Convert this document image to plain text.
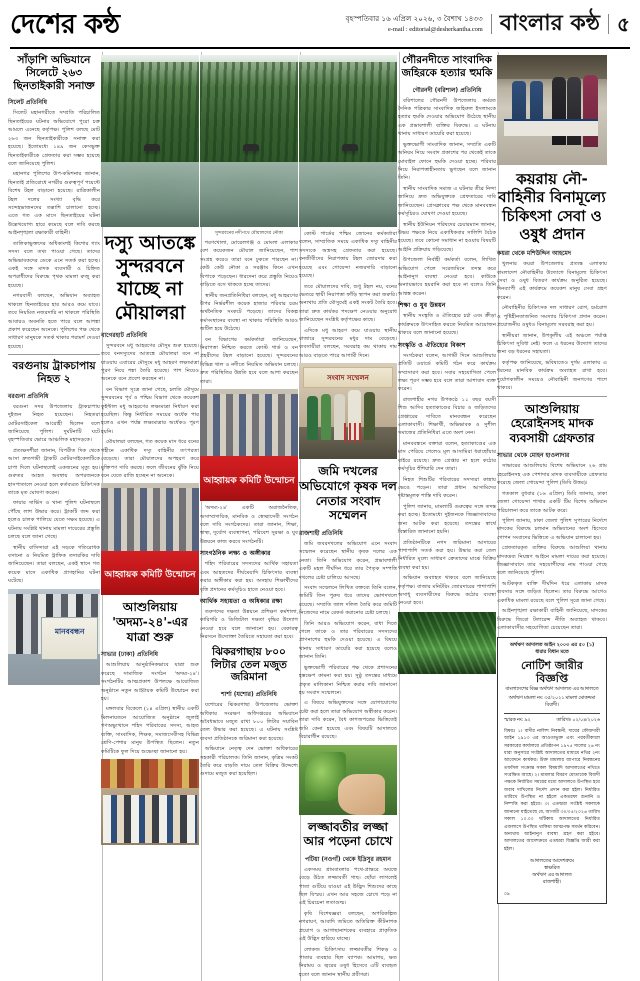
দেশের কন্ঠ	বৃহস্পতিবার ১৬ এপ্রিল ২০২৬, ৩ বৈশাখ ১৪৩৩
e-mail : editorial@desherkantha.com বাংলার কন্ঠ ৫
সাঁড়াশি অভিযানে সিলেটে ২৬৩ ছিনতাইকারী সনাক্ত
সিলেট প্রতিনিধি

সিলেট মহানগরীতে সম্প্রতি পরিচালিত ছিনতাইয়ের ঘটনার অভিযোগে পুরো চক্র আমলে এনেছে কর্তৃপক্ষ। পুলিশ বলছে মোট ২৬৩ জন ছিনতাইকারীকে সনাক্ত করা হয়েছে। ইতোমধ্যে ১৪৯ জন কেসভুক্ত ছিনতাইকারীকে গ্রেফতার করা সম্ভব হয়েছে বলে জানিয়েছে পুলিশ।

মহানগর পুলিশের উপ-কমিশনার জানান, ছিনতাই প্রতিরোধে নগরীর গুরুত্বপূর্ণ পয়েন্টে বিশেষ টহল বাড়ানো হয়েছে। রাত্রিকালীন টহল দলের সংখ্যা বৃদ্ধি করে সন্দেহভাজনদের তল্লাশি চালানো হচ্ছে। এতে গত এক মাসে ছিনতাইয়ের ঘটনা উল্লেখযোগ্য হারে কমেছে বলে দাবি করছে আইনশৃঙ্খলা রক্ষাকারী বাহিনী।

তালিকাভুক্তদের অধিকাংশই কিশোর গ্যাং সদস্য বলে তথ্য পাওয়া গেছে। তাদের অভিভাবকদের ডেকে এনে সতর্ক করা হচ্ছে। একই সঙ্গে মাদক ব্যবসায়ী ও চিহ্নিত অপরাধীদের বিরুদ্ধে পৃথক মামলা রুজু করা হয়েছে।

নগরবাসী বলছেন, অভিযান অব্যাহত থাকলে ছিনতাইয়ের হার আরও কমে যাবে। তবে নিয়মিত নজরদারি না থাকলে পরিস্থিতি আবারও অবনতি হতে পারে বলে আশঙ্কা প্রকাশ করেছেন অনেকে। পুলিশের পক্ষ থেকে সাধারণ মানুষকে সতর্ক থাকার পরামর্শ দেওয়া হয়েছে।

বরগুনায় ট্রাকচাপায় নিহত ২
বরগুনা প্রতিনিধি

বরগুনা সদর উপজেলায় ট্রাকচাপায় দুইজন নিহত হয়েছেন। নিহতরা মোটরসাইকেল আরোহী ছিলেন বলে জানিয়েছে পুলিশ। দুর্ঘটনাটি ঘটে বৃহস্পতিবার ভোরে আঞ্চলিক মহাসড়কে।

প্রত্যক্ষদর্শীরা জানান, বিপরীত দিক থেকে আসা দ্রুতগামী ট্রাকটি মোটরসাইকেলটিকে চাপা দিলে ঘটনাস্থলেই একজনের মৃত্যু হয়। গুরুতর আহত অবস্থায় অপরজনকে হাসপাতালে নেওয়া হলে কর্তব্যরত চিকিৎসক তাকে মৃত ঘোষণা করেন।

ফায়ার সার্ভিস ও থানা পুলিশ ঘটনাস্থলে পৌঁছে লাশ উদ্ধার করে। ট্রাকটি জব্দ করা হলেও চালক পালিয়ে যেতে সক্ষম হয়েছে। এ ঘটনায় সংশ্লিষ্ট থানায় মামলা দায়েরের প্রস্তুতি চলছে বলে জানা গেছে।

স্থানীয় বাসিন্দারা এই সড়কে গতিরোধক বসানো ও নিয়মিত ট্রাফিক তদারকির দাবি জানিয়েছেন। তারা বলছেন, একই স্থানে গত কয়েক মাসে একাধিক প্রাণহানির ঘটনা ঘটেছে।

মানববন্ধন
দস্যু আতঙ্কে সুন্দরবনে যাচ্ছে না মৌয়ালরা
বাগেরহাট প্রতিনিধি

সুন্দরবনে মধু আহরণের মৌসুম শুরু হয়েছে। তবে বনদস্যুদের আতঙ্কে মৌয়ালরা বনে না যাওয়ায় এবারের মৌসুমে মধু আহরণ লক্ষ্যমাত্রা পূরণ নিয়ে শঙ্কা তৈরি হয়েছে। পাশ নিয়েও অনেকে বনে প্রবেশ করছেন না।

বন বিভাগ সূত্রে জানা গেছে, চলতি মৌসুমে সুন্দরবনের পূর্ব ও পশ্চিম বিভাগ থেকে কয়েকশ কুইন্টাল মধু আহরণের লক্ষ্যমাত্রা নির্ধারণ করা হয়েছিল। কিন্তু নির্ধারিত সময়ের অর্ধেক পার হলেও এখন পর্যন্ত লক্ষ্যমাত্রার অর্ধেকও পূরণ হয়নি।

মৌয়ালরা বলছেন, গত কয়েক মাস ধরে বনের গহীনে একাধিক দস্যু বাহিনীর তৎপরতা বেড়েছে। তারা মৌয়ালদের অপহরণ করে মুক্তিপণ দাবি করছে। ফলে জীবনের ঝুঁকি নিয়ে বনে যেতে রাজি হচ্ছেন না অনেকে।

আহ্বায়ক কমিটি উন্মোচন
আশুলিয়ায় 'অদম্য-২৪'-এর যাত্রা শুরু
সাভার (ঢাকা) প্রতিনিধি

আশুলিয়ায় আনুষ্ঠানিকভাবে যাত্রা শুরু করেছে সামাজিক সংগঠন 'অদম্য-২৪'। সংগঠনটির আত্মপ্রকাশ উপলক্ষে আয়োজিত অনুষ্ঠানে নতুন আহ্বায়ক কমিটি উন্মোচন করা হয়।

মঙ্গলবার বিকেলে (১৪ এপ্রিল) স্থানীয় একটি মিলনায়তনে আয়োজিত অনুষ্ঠানে জুলাই গণঅভ্যুত্থানে শহিদ পরিবারের সদস্য, আহত ব্যক্তি, সাংবাদিক, শিক্ষক, সমাজসেবীসহ বিভিন্ন শ্রেণি-পেশার মানুষ উপস্থিত ছিলেন। নতুন কমিটিকে ফুল দিয়ে শুভেচ্ছা জানানো হয়।

সুন্দরবনের নদীপথে মৌয়ালদের নৌকা

শরণখোলা, মোরেলগঞ্জ ও মোংলা এলাকার বেশ কয়েকজন মৌয়াল জানিয়েছেন, পাশ সংগ্রহ করেও তারা বনে ঢুকতে পারছেন না। কেউ কেউ নৌকা ও সরঞ্জাম কিনে এখন বিপাকে পড়েছেন। ধারদেনা করে প্রস্তুতি নিয়েও বাড়িতে বসে থাকতে হচ্ছে তাদের।

স্থানীয় জনপ্রতিনিধিরা বলছেন, মধু আহরণের উপর নির্ভরশীল কয়েক হাজার পরিবার চরম অর্থনৈতিক সংকটে পড়েছে। তাদের বিকল্প কর্মসংস্থানের ব্যবস্থা না থাকায় পরিস্থিতি আরও জটিল হয়ে উঠেছে।

বন বিভাগের কর্মকর্তারা জানিয়েছেন, নিরাপত্তা নিশ্চিত করতে কোস্ট গার্ড ও বন প্রহরীদের টহল বাড়ানো হয়েছে। সুন্দরবনের বিভিন্ন খাল ও নদীতে নিয়মিত অভিযান চলছে। দ্রুত পরিস্থিতির উন্নতি হবে বলে আশা করছেন তারা।

আহ্বায়ক কমিটি উন্মোচন

'অদম্য-২৪' একটি অরাজনৈতিক, অসাম্প্রদায়িক, মানবিক ও স্বেচ্ছাসেবী সংগঠন বলে দাবি সংগঠকদের। তারা জানান, শিক্ষা, স্বাস্থ্য, দুর্যোগ ব্যবস্থাপনা, পরিবেশ সুরক্ষা ও যুব উন্নয়নে কাজ করবে সংগঠনটি।

সাংগঠনিক লক্ষ্য ও অঙ্গীকার

শহিদ পরিবারের সদস্যদের আর্থিক সহায়তা এবং আহতদের দীর্ঘমেয়াদি চিকিৎসার ব্যবস্থা করার অঙ্গীকার করা হয়। অসহায় শিক্ষার্থীদের বৃত্তি প্রদানের কর্মসূচিও হাতে নেওয়া হবে।

আর্থিক সহায়তা ও অধিকার রক্ষা

তরুণদের দক্ষতা উন্নয়নে প্রশিক্ষণ কর্মশালা, কারিগরি ও ডিজিটাল দক্ষতা বৃদ্ধির উদ্যোগ নেওয়া হবে বলে জানানো হয়। বেকারত্ব নিরসনে উদ্যোক্তা তৈরিতে সহায়তা করা হবে।

ঝিকরগাছায় ৮০০ লিটার তেল মজুত জরিমানা
শার্শা (যশোর) প্রতিনিধি

যশোরের ঝিকরগাছা উপজেলায় ভোক্তা অধিকার সংরক্ষণ অধিদপ্তরের অভিযানে অবৈধভাবে মজুত রাখা ৮০০ লিটার সয়াবিন তেল উদ্ধার করা হয়েছে। এ ঘটনায় সংশ্লিষ্ট ব্যবসা প্রতিষ্ঠানকে জরিমানা করা হয়েছে।

অভিযানে নেতৃত্ব দেন ভোক্তা অধিকারের সহকারী পরিচালক। তিনি জানান, কৃত্রিম সংকট তৈরি করে বাড়তি দামে তেল বিক্রির উদ্দেশ্যে গুদামে মজুত করা হয়েছিল।

কোস্ট গার্ডের পশ্চিম জোনের কর্মকর্তারা বলেন, সাম্প্রতিক সময়ে একাধিক দস্যু বাহিনীর সদস্যকে অস্ত্রসহ গ্রেফতার করা হয়েছে। বনজীবীদের নিরাপত্তায় টহল জোরদার করা হয়েছে এবং গোয়েন্দা নজরদারি বাড়ানো হয়েছে।

তবে মৌয়ালদের দাবি, শুধু টহল নয়, বনের ভেতরে স্থায়ী নিরাপত্তা ফাঁড়ি স্থাপন করা জরুরি। অন্যথায় প্রতি মৌসুমেই একই সংকট তৈরি হবে। তারা দ্রুত কার্যকর পদক্ষেপ নেওয়ার অনুরোধ জানিয়েছেন সংশ্লিষ্ট কর্তৃপক্ষের কাছে।

এদিকে মধু আহরণ কমে যাওয়ায় স্থানীয় বাজারে সুন্দরবনের মধুর দাম বেড়েছে। ব্যবসায়ীরা বলছেন, সরবরাহ কম থাকায় দাম আরও বাড়তে পারে আগামী দিনে।

সংবাদ সম্মেলন
জমি দখলের অভিযোগে কৃষক দল নেতার সংবাদ সম্মেলন
রাজশাহী প্রতিনিধি

জমি জবরদখলের অভিযোগ এনে সংবাদ সম্মেলন করেছেন স্থানীয় কৃষক দলের এক নেতা। তিনি অভিযোগ করেন, প্রভাবশালী একটি মহল দীর্ঘদিন ধরে তার পৈতৃক সম্পত্তি দখলের চেষ্টা চালিয়ে আসছে।

সংবাদ সম্মেলনে লিখিত বক্তব্যে তিনি বলেন, জমিটি তিন পুরুষ ধরে তাদের ভোগদখলে রয়েছে। সম্প্রতি জাল দলিল তৈরি করে জমিটি নিজেদের নামে রেকর্ড করানোর চেষ্টা চলছে।

তিনি আরও অভিযোগ করেন, বাধা দিতে গেলে তাকে ও তার পরিবারের সদস্যদের প্রাণনাশের হুমকি দেওয়া হয়েছে। এ বিষয়ে থানায় সাধারণ ডায়েরি করা হয়েছে বলেও জানান তিনি।

ভুক্তভোগী পরিবারের পক্ষ থেকে প্রশাসনের হস্তক্ষেপ কামনা করা হয়। সুষ্ঠু তদন্তের মাধ্যমে প্রকৃত মালিকানা নিশ্চিত করার দাবি জানানো হয় সংবাদ সম্মেলনে।

এ বিষয়ে অভিযুক্তদের সঙ্গে যোগাযোগের চেষ্টা করা হলে তারা অভিযোগ অস্বীকার করেন। তারা দাবি করেন, বৈধ কাগজপত্রের ভিত্তিতেই জমি কেনা হয়েছে এবং বিষয়টি আদালতে বিচারাধীন রয়েছে।

লজ্জাবতীর লজ্জা আর পড়েনা চোখে
পটিয়া (নওগাঁ) থেকে ইদ্রিসুর রহমান

একসময় গ্রামবাংলার পথে-প্রান্তরে অযত্নে বেড়ে উঠত লজ্জাবতী গাছ। ছোঁয়া লাগলেই পাতা গুটিয়ে যাওয়া এই উদ্ভিদ শিশুদের কাছে ছিল বিস্ময়। এখন আর সহজে চোখে পড়ে না এই চিরচেনা লতাগুল্ম।

কৃষি বিশেষজ্ঞরা বলছেন, অপরিকল্পিত নগরায়ণ, আবাদি জমিতে অতিরিক্ত কীটনাশক প্রয়োগ ও আগাছানাশকের ব্যবহারে প্রাকৃতিক এই উদ্ভিদ হারিয়ে যাচ্ছে।

লোকজ চিকিৎসায় লজ্জাবতীর শিকড় ও পাতার ব্যবহার ছিল ব্যাপক। আমাশয়, ক্ষত নিরাময় ও জ্বরের ওষুধ হিসেবে এটি ব্যবহৃত হতো বলে জানান স্থানীয় প্রবীণরা।

গৌরনদীতে সাংবাদিক জহিরকে হত্যার হুমকি
গৌরনদী (বরিশাল) প্রতিনিধি

বরিশালের গৌরনদী উপজেলায় কর্মরত দৈনিক পত্রিকার সাংবাদিক জহিরুল ইসলামকে হত্যার হুমকি দেওয়ার অভিযোগ উঠেছে স্থানীয় এক প্রভাবশালী ব্যক্তির বিরুদ্ধে। এ ঘটনায় থানায় সাধারণ ডায়েরি করা হয়েছে।

ভুক্তভোগী সাংবাদিক জানান, সম্প্রতি একটি অনিয়ম নিয়ে সংবাদ প্রকাশের পর থেকেই তাকে মোবাইল ফোনে হুমকি দেওয়া হচ্ছে। পরিবার নিয়ে নিরাপত্তাহীনতায় ভুগছেন বলে জানান তিনি।

স্থানীয় সাংবাদিক সমাজ এ ঘটনার তীব্র নিন্দা জানিয়ে দ্রুত অভিযুক্তকে গ্রেফতারের দাবি জানিয়েছেন। প্রেসক্লাবের পক্ষ থেকে মানববন্ধন কর্মসূচিরও ঘোষণা দেওয়া হয়েছে।

স্থানীয় ইউনিয়ন পরিষদের চেয়ারম্যান জানান, উভয় পক্ষকে নিয়ে একাধিকবার সালিশি বৈঠক হয়েছে। তবে কোনো সমাধান না হওয়ায় বিষয়টি আইনি প্রক্রিয়ায় গড়িয়েছে।

উপজেলা নির্বাহী কর্মকর্তা বলেন, লিখিত অভিযোগ পেলে সরেজমিনে তদন্ত করে আইনানুগ ব্যবস্থা নেওয়া হবে। কাউকে অন্যায়ভাবে হয়রানি করা হবে না বলেও তিনি আশ্বস্ত করেন।

শিক্ষা ও যুব উন্নয়ন

স্থানীয় সংস্কৃতি ও ঐতিহ্যের চর্চা এবং ক্রীড়া কার্যক্রমকে উৎসাহিত করতে নিয়মিত আয়োজন থাকবে বলে জানানো হয়েছে।

সংস্কৃতি ও ঐতিহ্যের বিকাশ

সংগঠকরা বলেন, আগামী দিনে আশুলিয়ার প্রতিটি ওয়ার্ডে কমিটি গঠন করে কার্যক্রম সম্প্রসারণ করা হবে। সবার সহযোগিতা পেলে লক্ষ্য পূরণ সম্ভব হবে বলে তারা আশাবাদ ব্যক্ত করেন।

রাজশাহীর নগর উপকণ্ঠে ১১ বছর বয়সী শিশু আদিব হত্যাকাণ্ডের বিচার ও জড়িতদের গ্রেপ্তারের দাবিতে মানববন্ধন করেছেন এলাকাবাসী। শিক্ষার্থী, অভিভাবক ও সুশীল সমাজের প্রতিনিধিরা এতে অংশ নেন।

মানববন্ধনে বক্তারা বলেন, হত্যাকাণ্ডের এক মাস পেরিয়ে গেলেও মূল আসামিরা ধরাছোঁয়ার বাইরে রয়েছে। দ্রুত গ্রেপ্তার না হলে কঠোর কর্মসূচির হুঁশিয়ারি দেন তারা।

নিহত শিশুটির পরিবারের সদস্যরা কান্নায় ভেঙে পড়েন। তারা প্রধান আসামিদের দৃষ্টান্তমূলক শাস্তি দাবি করেন।

পুলিশ জানায়, মামলাটি গুরুত্বের সঙ্গে তদন্ত করা হচ্ছে। ইতোমধ্যে দুইজনকে জিজ্ঞাসাবাদের জন্য আটক করা হয়েছে। তদন্তের স্বার্থে বিস্তারিত জানানো হয়নি।

প্রতিষ্ঠানটিকে নগদ জরিমানা আদায়ের পাশাপাশি সতর্ক করা হয়। উদ্ধার করা তেল নির্ধারিত মূল্যে সাধারণ ক্রেতাদের মাঝে বিক্রির ব্যবস্থা করা হয়।

অভিযান অব্যাহত থাকবে বলে জানিয়েছে কর্তৃপক্ষ। বাজার মনিটরিং জোরদারের পাশাপাশি অসাধু ব্যবসায়ীদের বিরুদ্ধে কঠোর ব্যবস্থা নেওয়া হবে।

কয়রায় নৌ-বাহিনীর বিনামূল্যে চিকিৎসা সেবা ও ওষুধ প্রদান
কয়রা থেকে মশিউদ্দিন আহমেদ

খুলনার কয়রা উপজেলার প্রত্যন্ত এলাকায় বাংলাদেশ নৌবাহিনীর উদ্যোগে বিনামূল্যে চিকিৎসা সেবা ও ওষুধ বিতরণ কার্যক্রম অনুষ্ঠিত হয়েছে। দিনব্যাপী এই কার্যক্রমে কয়েকশ মানুষ সেবা গ্রহণ করেন।

নৌবাহিনীর চিকিৎসক দল সাধারণ রোগ, চর্মরোগ ও পুষ্টিহীনতাজনিত সমস্যার চিকিৎসা প্রদান করেন। প্রয়োজনীয় ওষুধও বিনামূল্যে সরবরাহ করা হয়।

স্থানীয়রা জানান, উপকূলীয় এই অঞ্চলে পর্যাপ্ত চিকিৎসা সুবিধা নেই। ফলে এ ধরনের উদ্যোগ তাদের জন্য বড় ধরনের সহায়তা।

কর্তৃপক্ষ জানিয়েছে, ভবিষ্যতেও দুর্গম এলাকায় এ ধরনের মানবিক কার্যক্রম অব্যাহত রাখা হবে। দুর্যোগকালীন সময়েও নৌবাহিনী জনগণের পাশে থাকবে।

আশুলিয়ায় হেরোইনসহ মাদক ব্যবসায়ী গ্রেফতার
সাভার থেকে মোহন হাওলাদার

সাভারের আশুলিয়ায় বিশেষ অভিযানে ২৬ গ্রাম হেরোইনসহ এক পেশাদার মাদক ব্যবসায়ীকে গ্রেফতার করেছে জেলা গোয়েন্দা পুলিশ (ডিবি উত্তর)।

গতকাল বুধবার (১৬ এপ্রিল) ডিবি জানায়, ঢাকা জেলা গোয়েন্দা শাখার একটি টিম বিশেষ অভিযান পরিচালনা করে তাকে আটক করে।

পুলিশ জানায়, ঢাকা জেলা পুলিশ সুপারের নির্দেশে মাদকের বিরুদ্ধে চলমান অভিযানের অংশ হিসেবে গোপন সংবাদের ভিত্তিতে এ অভিযান চালানো হয়।

গ্রেফতারকৃত ব্যক্তির বিরুদ্ধে আশুলিয়া থানায় মাদকদ্রব্য নিয়ন্ত্রণ আইনে মামলা দায়ের করা হয়েছে। জিজ্ঞাসাবাদে তার সহযোগীদের নাম পাওয়া গেছে বলে জানিয়েছে পুলিশ।

আটককৃত ব্যক্তি দীর্ঘদিন ধরে এলাকায় মাদক ব্যবসার সঙ্গে জড়িত ছিলেন। তার বিরুদ্ধে আগেও একাধিক মামলা রয়েছে বলে পুলিশ সূত্রে জানা গেছে।

আইনশৃঙ্খলা রক্ষাকারী বাহিনী জানিয়েছে, মাদকের বিরুদ্ধে জিরো টলারেন্স নীতি অব্যাহত থাকবে। এলাকাবাসীর সহযোগিতা চেয়েছেন তারা।

অর্থঋণ আদালত আইন ২০০৩ এর ৫০ (১) ধারার বিধান মতে
নোটিশ জারীর বিজ্ঞপ্তি
বাংলাদেশের বিজ্ঞ অর্থঋণ আদালত এর আদালতে
অর্থঋণ মামলা নং: ৩৫/২০২১ মামলা মোকদ্দমা বিবাদী।
স্মারক নং: ৯২	তারিখঃ ০২/০৪/২০২৬
বিষয়ঃ ১। বাদীর নালিশ নিবন্ধনী, দায়ের ফৌজদারী আইন ১৯১৩ এর আওতাভুক্ত এবং পরবর্তীকালে সরকারের কার্যালয়ে প্রতিষ্ঠাপন ১৯৭৫ সালের ২৬ নং ধারা অনুসারে সংশ্লিষ্ট আদালতের মাধ্যমে নথির ২নং আবেদনে কার্যকর। উক্ত মামলার ব্যাপারে নিবন্ধনের তফসিল সংক্রান্ত সকল বিষয়াদি আদালতের নথিতে সংরক্ষিত আছে। ২। মামলার বিবরণ মোতাবেক বিবাদী পক্ষকে নির্ধারিত সময়ের মধ্যে আদালতে উপস্থিত হয়ে জবাব দাখিলের নির্দেশ প্রদান করা হইল। নির্ধারিত তারিখে উপস্থিত না হইলে একতরফা শুনানি ও নিষ্পত্তি করা হইবে। ৩। এতদ্বারা সংশ্লিষ্ট সকলকে জানানো যাইতেছে যে, আগামী ৩০/০৫/২০২৬ তারিখ সকাল ১০.০০ ঘটিকায় আদালতের নির্ধারিত এজলাসে উপস্থিত থাকিয়া আত্মপক্ষ সমর্থন করিবেন। অন্যথায় আইনানুগ ব্যবস্থা গ্রহণ করা হইবে। আদালতের আদেশক্রমে এতদ্বারা বিজ্ঞপ্তি জারী করা হইল।
আদালতের আদেশক্রমে
স্বাক্ষরিত
অর্থঋণ এর আদালত
রাজশাহী।
০৯
